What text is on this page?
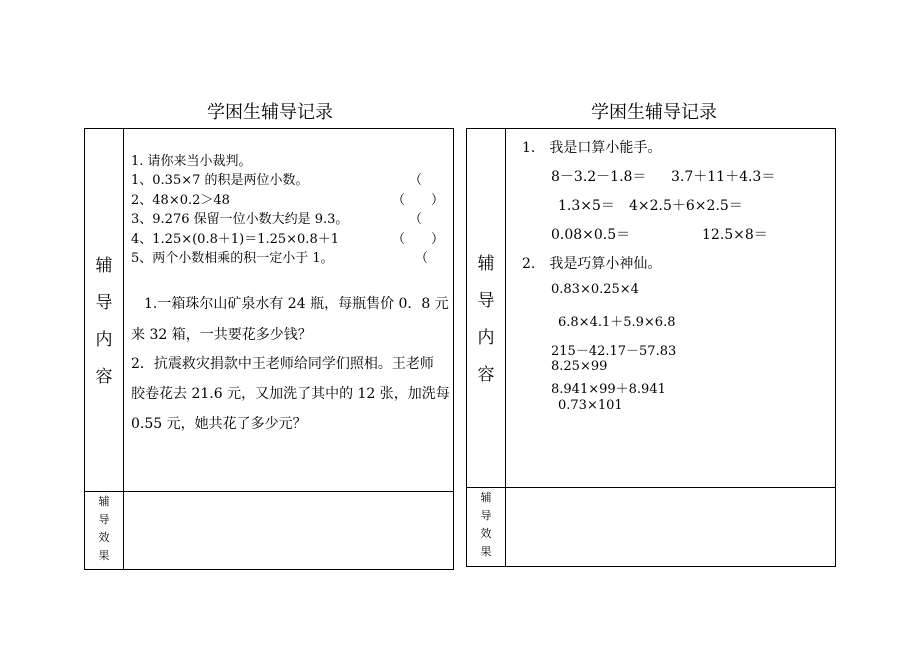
学困生辅导记录
辅
导
内
容
辅
导
效
果
1. 请你来当小裁判。
1、0.35×7 的积是两位小数。
2、48×0.2＞48
3、9.276 保留一位小数大约是 9.3。
4、1.25×(0.8＋1)＝1.25×0.8＋1
5、两个小数相乘的积一定小于 1。
（
（　　）
（
（　　）
（
1.一箱珠尔山矿泉水有 24 瓶，每瓶售价 0．8 元
来 32 箱，一共要花多少钱？
2．抗震救灾捐款中王老师给同学们照相。王老师
胶卷花去 21.6 元，又加洗了其中的 12 张，加洗每
0.55 元，她共花了多少元？
学困生辅导记录
辅
导
内
容
辅
导
效
果
1.　我是口算小能手。
8－3.2－1.8＝ 3.7＋11＋4.3＝
1.3×5＝ 4×2.5＋6×2.5＝
0.08×0.5＝	12.5×8＝
2.　我是巧算小神仙。
0.83×0.25×4
6.8×4.1＋5.9×6.8
215－42.17－57.83
8.25×99
8.941×99＋8.941
0.73×101
